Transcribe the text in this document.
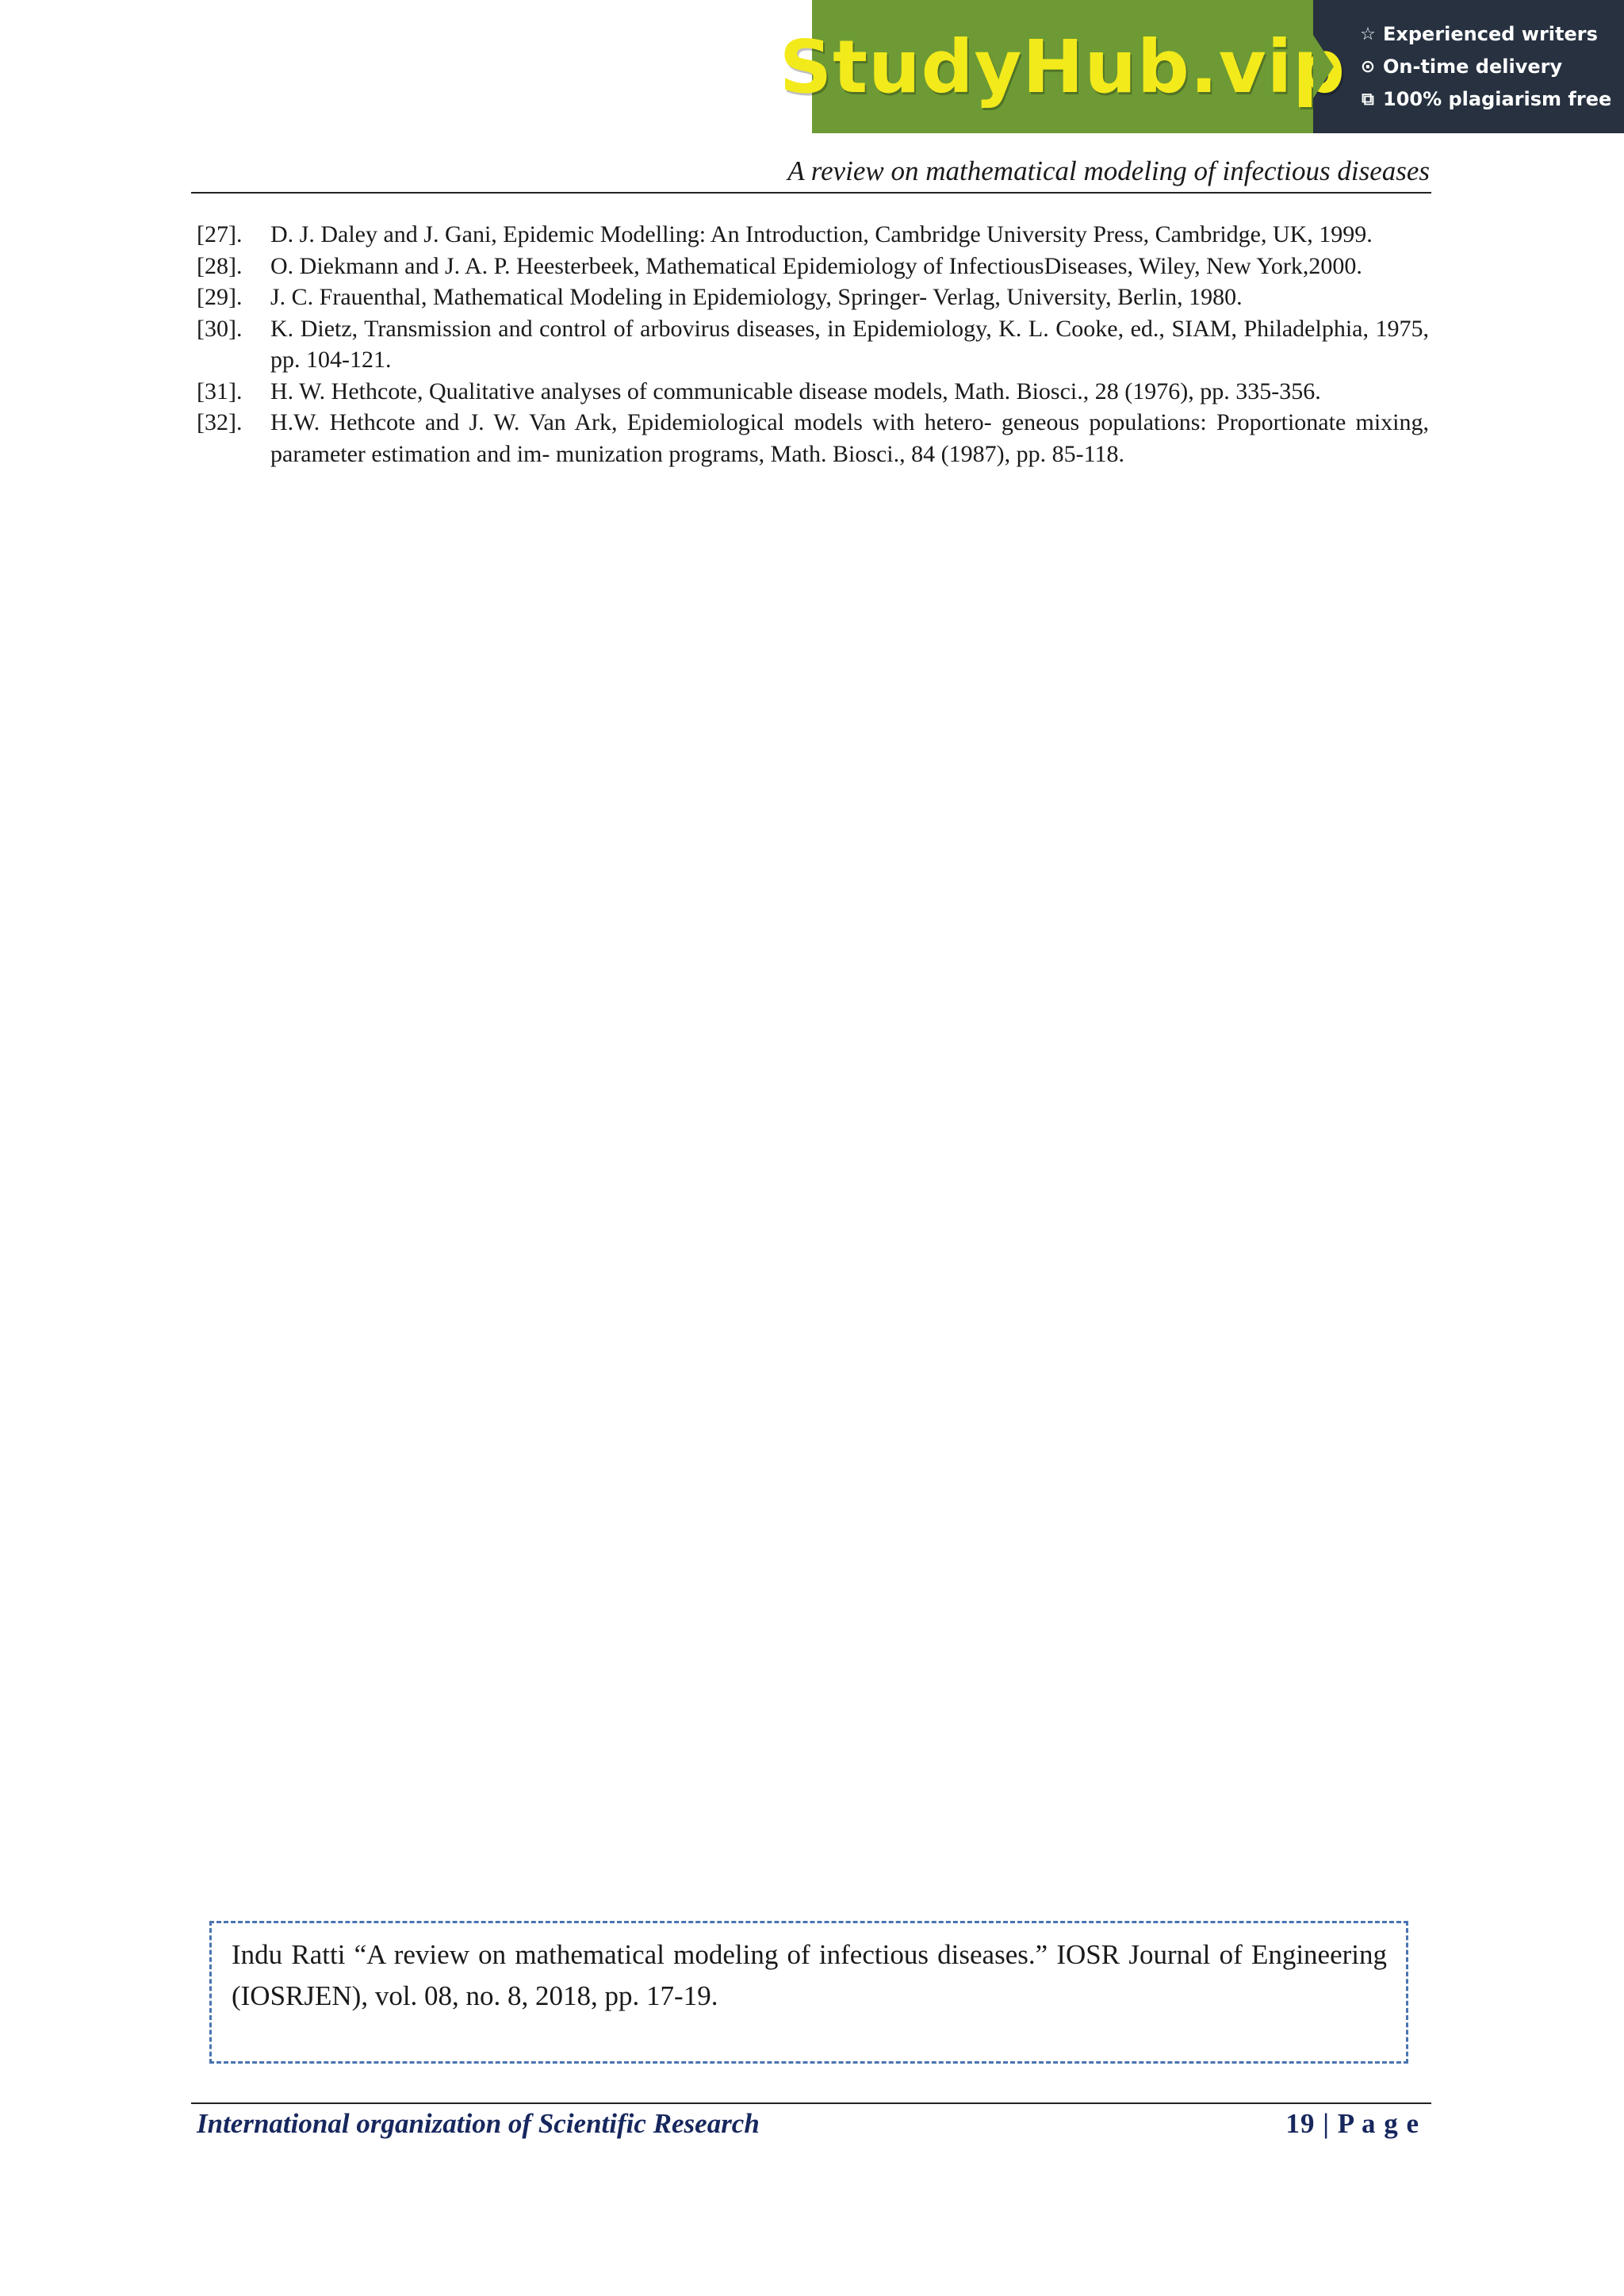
StudyHub.vip ☆ Experienced writers
⊙ On-time delivery
⧉ 100% plagiarism free
A review on mathematical modeling of infectious diseases
[27].	D. J. Daley and J. Gani, Epidemic Modelling: An Introduction, Cambridge University Press, Cambridge, UK, 1999.
[28].	O. Diekmann and J. A. P. Heesterbeek, Mathematical Epidemiology of InfectiousDiseases, Wiley, New York,2000.
[29].	J. C. Frauenthal, Mathematical Modeling in Epidemiology, Springer- Verlag, University, Berlin, 1980.
[30].	K. Dietz, Transmission and control of arbovirus diseases, in Epidemiology, K. L. Cooke, ed., SIAM, Philadelphia, 1975, pp. 104-121.
[31].	H. W. Hethcote, Qualitative analyses of communicable disease models, Math. Biosci., 28 (1976), pp. 335-356.
[32].	H.W. Hethcote and J. W. Van Ark, Epidemiological models with hetero- geneous populations: Proportionate mixing, parameter estimation and im- munization programs, Math. Biosci., 84 (1987), pp. 85-118.
Indu Ratti “A review on mathematical modeling of infectious diseases.” IOSR Journal of Engineering (IOSRJEN), vol. 08, no. 8, 2018, pp. 17-19.
International organization of Scientific Research	19 | P a g e
